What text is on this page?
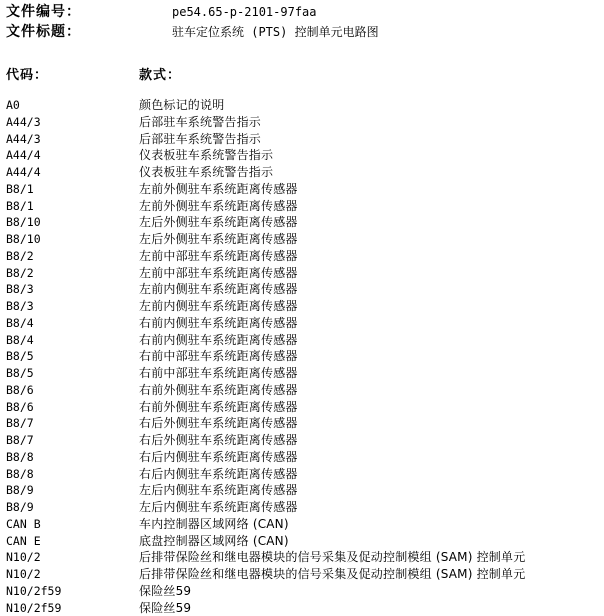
文件编号：	pe54.65-p-2101-97faa
文件标题：	驻车定位系统 (PTS) 控制单元电路图
代码：	款式：
A0	颜色标记的说明
A44/3	后部驻车系统警告指示
A44/3	后部驻车系统警告指示
A44/4	仪表板驻车系统警告指示
A44/4	仪表板驻车系统警告指示
B8/1	左前外侧驻车系统距离传感器
B8/1	左前外侧驻车系统距离传感器
B8/10	左后外侧驻车系统距离传感器
B8/10	左后外侧驻车系统距离传感器
B8/2	左前中部驻车系统距离传感器
B8/2	左前中部驻车系统距离传感器
B8/3	左前内侧驻车系统距离传感器
B8/3	左前内侧驻车系统距离传感器
B8/4	右前内侧驻车系统距离传感器
B8/4	右前内侧驻车系统距离传感器
B8/5	右前中部驻车系统距离传感器
B8/5	右前中部驻车系统距离传感器
B8/6	右前外侧驻车系统距离传感器
B8/6	右前外侧驻车系统距离传感器
B8/7	右后外侧驻车系统距离传感器
B8/7	右后外侧驻车系统距离传感器
B8/8	右后内侧驻车系统距离传感器
B8/8	右后内侧驻车系统距离传感器
B8/9	左后内侧驻车系统距离传感器
B8/9	左后内侧驻车系统距离传感器
CAN B	车内控制器区域网络 (CAN)
CAN E	底盘控制器区域网络 (CAN)
N10/2	后排带保险丝和继电器模块的信号采集及促动控制模组 (SAM) 控制单元
N10/2	后排带保险丝和继电器模块的信号采集及促动控制模组 (SAM) 控制单元
N10/2f59	保险丝59
N10/2f59	保险丝59
